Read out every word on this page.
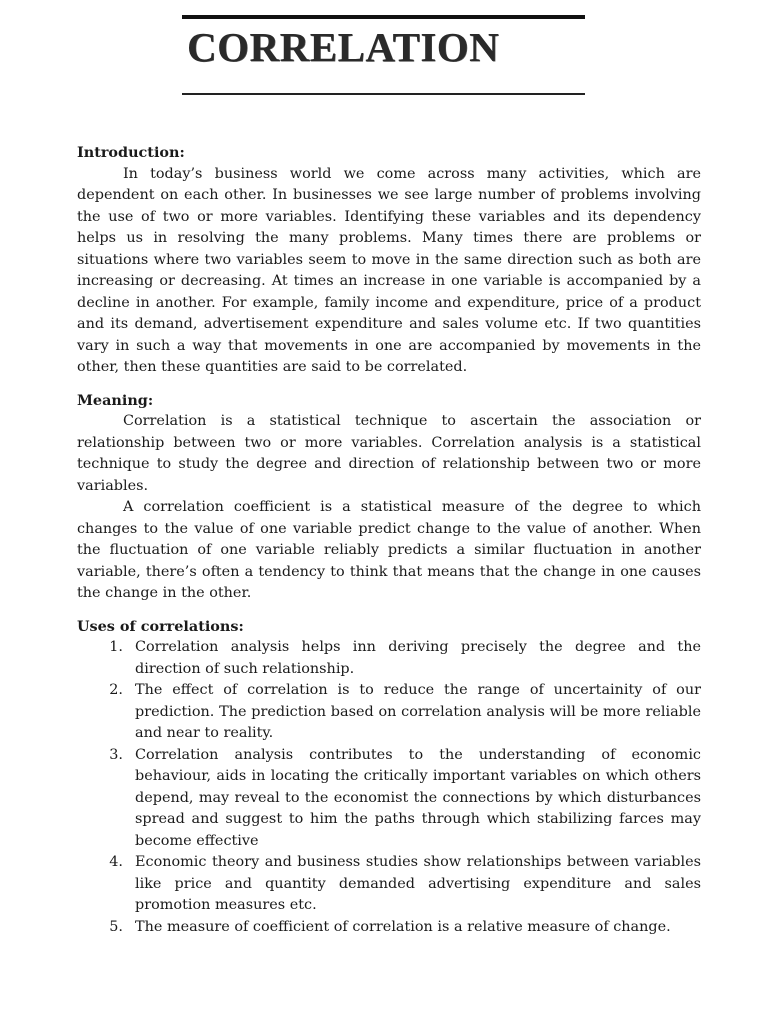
CORRELATION

Introduction:

In today’s business world we come across many activities, which are dependent on each other. In businesses we see large number of problems involving the use of two or more variables. Identifying these variables and its dependency helps us in resolving the many problems. Many times there are problems or situations where two variables seem to move in the same direction such as both are increasing or decreasing. At times an increase in one variable is accompanied by a decline in another. For example, family income and expenditure, price of a product and its demand, advertisement expenditure and sales volume etc. If two quantities vary in such a way that movements in one are accompanied by movements in the other, then these quantities are said to be correlated.

Meaning:

Correlation is a statistical technique to ascertain the association or relationship between two or more variables. Correlation analysis is a statistical technique to study the degree and direction of relationship between two or more variables.

A correlation coefficient is a statistical measure of the degree to which changes to the value of one variable predict change to the value of another. When the fluctuation of one variable reliably predicts a similar fluctuation in another variable, there’s often a tendency to think that means that the change in one causes the change in the other.

Uses of correlations:

1. Correlation analysis helps inn deriving precisely the degree and the direction of such relationship.
2. The effect of correlation is to reduce the range of uncertainity of our prediction. The prediction based on correlation analysis will be more reliable and near to reality.
3. Correlation analysis contributes to the understanding of economic behaviour, aids in locating the critically important variables on which others depend, may reveal to the economist the connections by which disturbances spread and suggest to him the paths through which stabilizing farces may become effective
4. Economic theory and business studies show relationships between variables like price and quantity demanded advertising expenditure and sales promotion measures etc.
5. The measure of coefficient of correlation is a relative measure of change.
